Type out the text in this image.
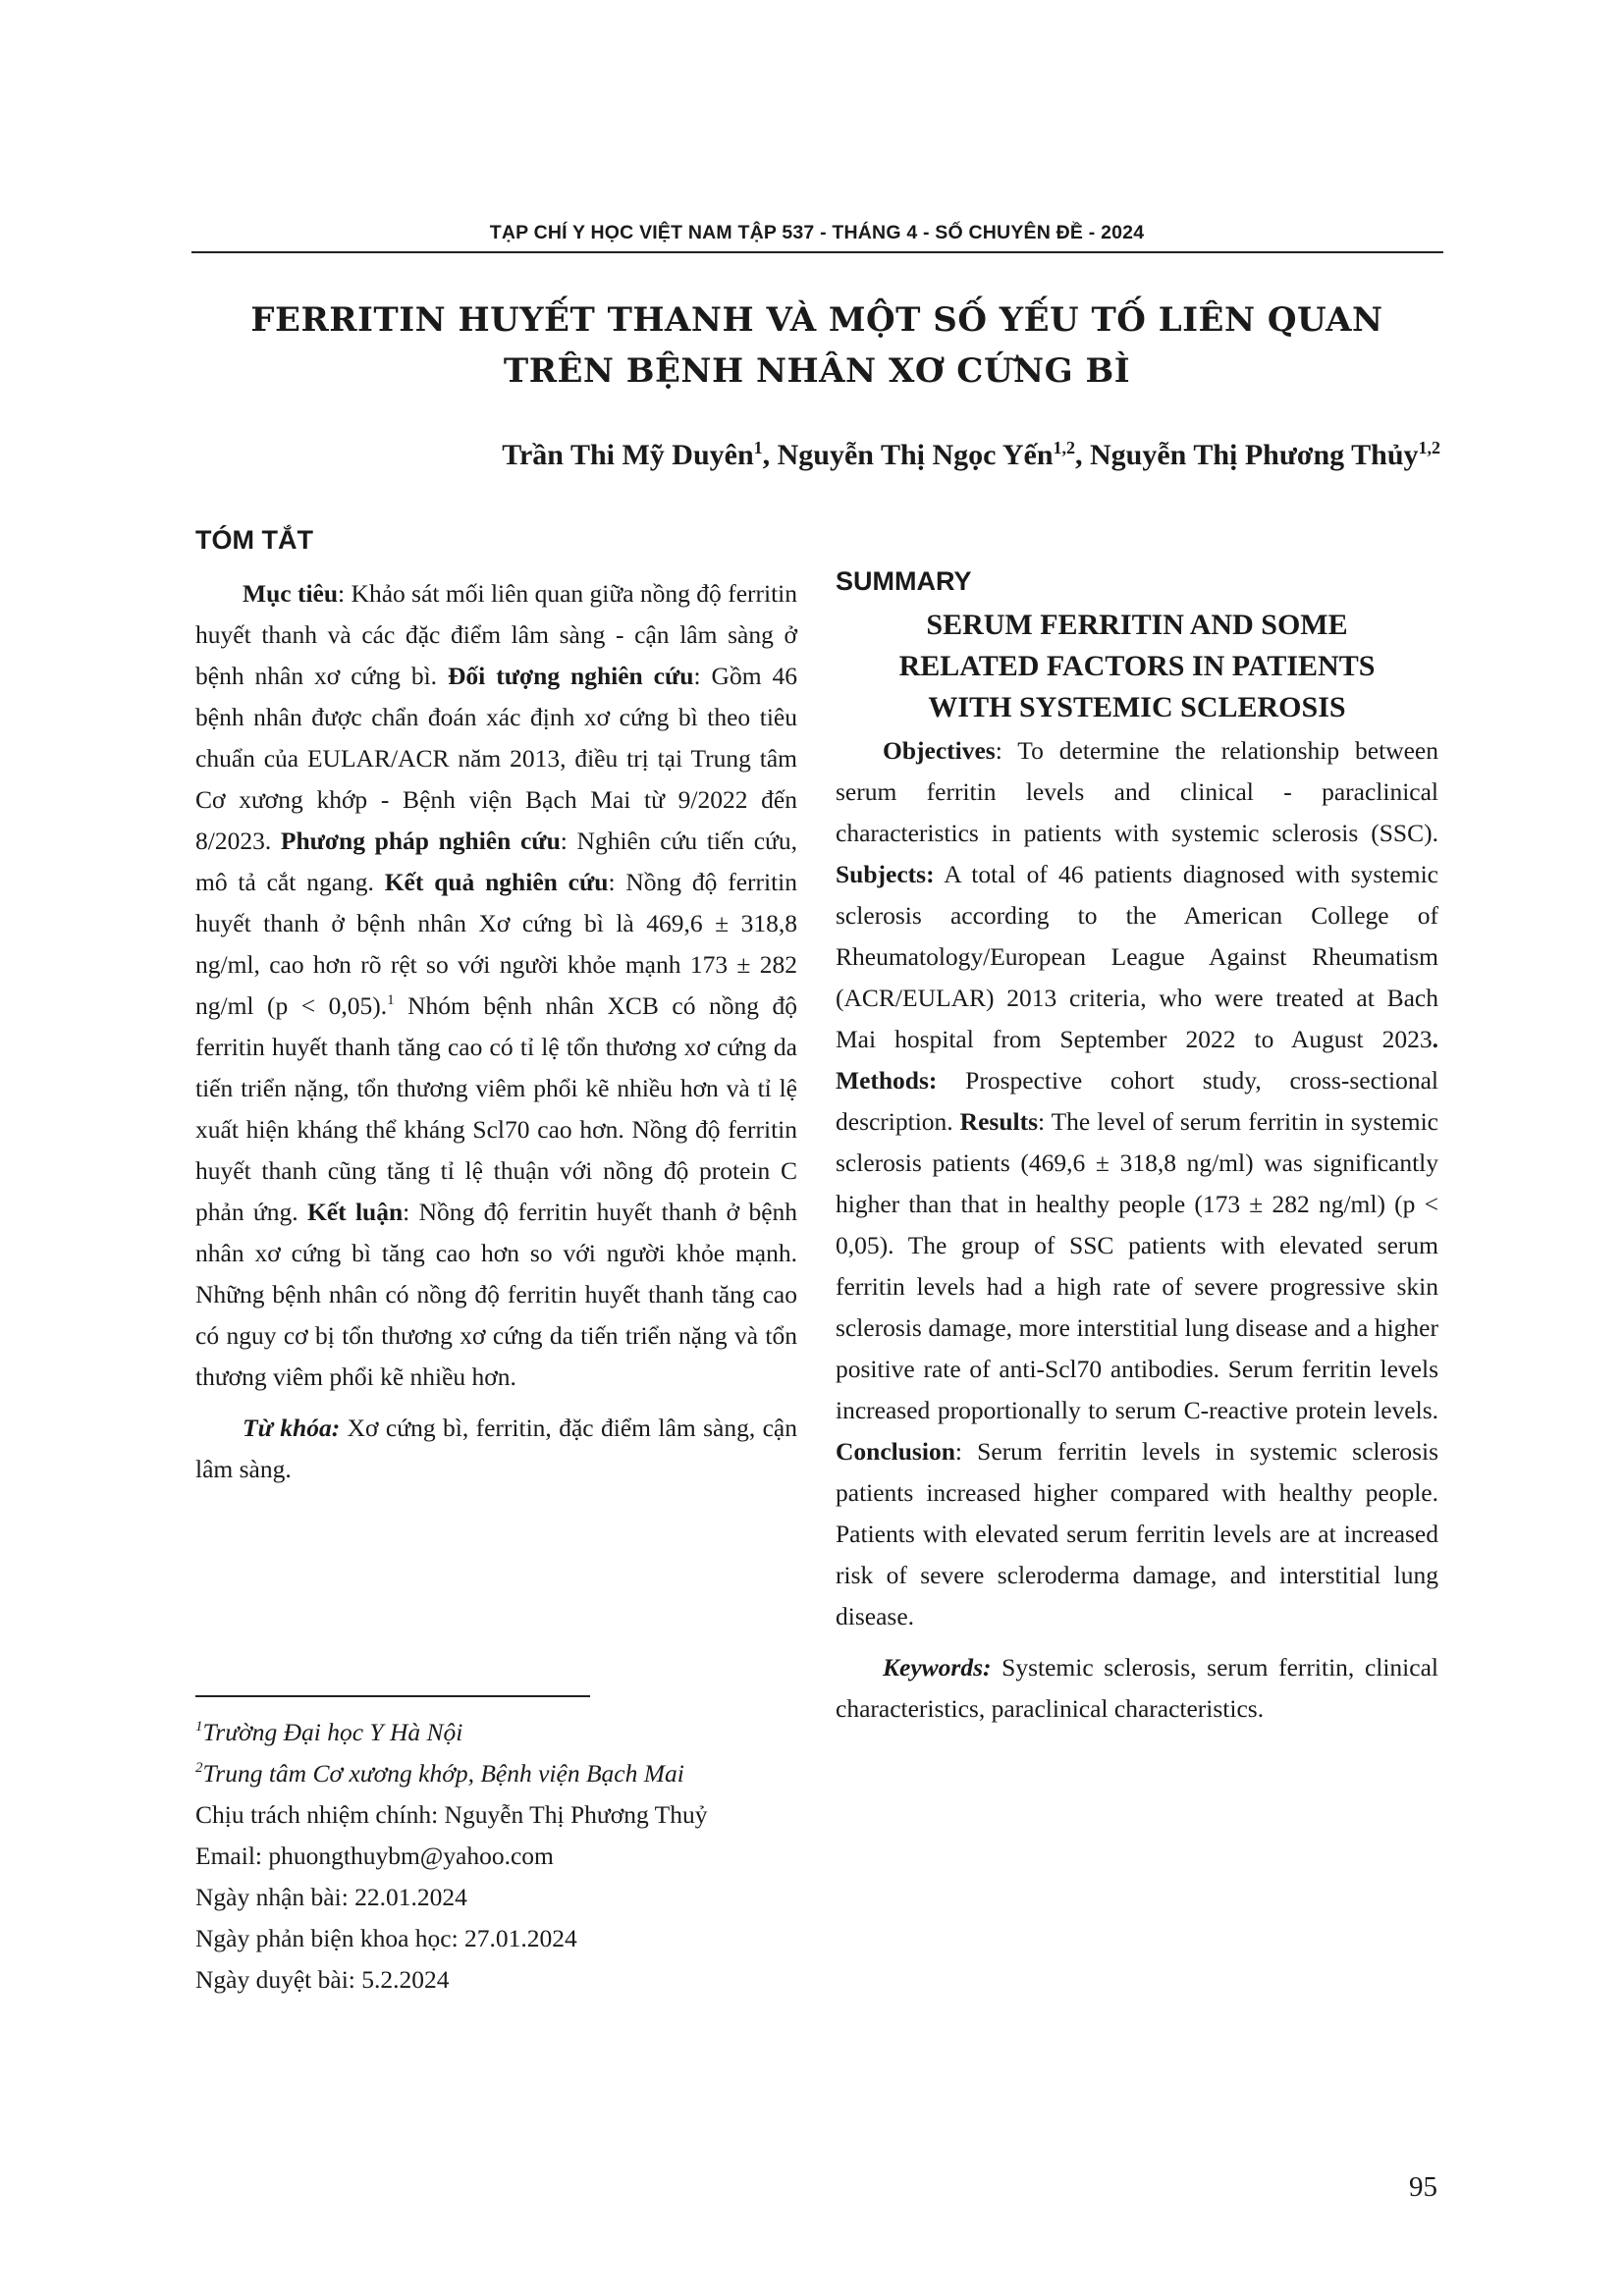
TẠP CHÍ Y HỌC VIỆT NAM TẬP 537 - THÁNG 4 - SỐ CHUYÊN ĐỀ - 2024
FERRITIN HUYẾT THANH VÀ MỘT SỐ YẾU TỐ LIÊN QUAN
TRÊN BỆNH NHÂN XƠ CỨNG BÌ
Trần Thi Mỹ Duyên$^1$, Nguyễn Thị Ngọc Yến$^{1,2}$, Nguyễn Thị Phương Thủy$^{1,2}$
TÓM TẮT

Mục tiêu: Khảo sát mối liên quan giữa nồng độ ferritin huyết thanh và các đặc điểm lâm sàng - cận lâm sàng ở bệnh nhân xơ cứng bì. Đối tượng nghiên cứu: Gồm 46 bệnh nhân được chẩn đoán xác định xơ cứng bì theo tiêu chuẩn của EULAR/ACR năm 2013, điều trị tại Trung tâm Cơ xương khớp - Bệnh viện Bạch Mai từ 9/2022 đến 8/2023. Phương pháp nghiên cứu: Nghiên cứu tiến cứu, mô tả cắt ngang. Kết quả nghiên cứu: Nồng độ ferritin huyết thanh ở bệnh nhân Xơ cứng bì là 469,6 ± 318,8 ng/ml, cao hơn rõ rệt so với người khỏe mạnh 173 ± 282 ng/ml (p < 0,05).$^1$ Nhóm bệnh nhân XCB có nồng độ ferritin huyết thanh tăng cao có tỉ lệ tổn thương xơ cứng da tiến triển nặng, tổn thương viêm phổi kẽ nhiều hơn và tỉ lệ xuất hiện kháng thể kháng Scl70 cao hơn. Nồng độ ferritin huyết thanh cũng tăng tỉ lệ thuận với nồng độ protein C phản ứng. Kết luận: Nồng độ ferritin huyết thanh ở bệnh nhân xơ cứng bì tăng cao hơn so với người khỏe mạnh. Những bệnh nhân có nồng độ ferritin huyết thanh tăng cao có nguy cơ bị tổn thương xơ cứng da tiến triển nặng và tổn thương viêm phổi kẽ nhiều hơn.

Từ khóa: Xơ cứng bì, ferritin, đặc điểm lâm sàng, cận lâm sàng.

$^1$Trường Đại học Y Hà Nội
$^2$Trung tâm Cơ xương khớp, Bệnh viện Bạch Mai
Chịu trách nhiệm chính: Nguyễn Thị Phương Thuỷ
Email: phuongthuybm@yahoo.com
Ngày nhận bài: 22.01.2024
Ngày phản biện khoa học: 27.01.2024
Ngày duyệt bài: 5.2.2024
SUMMARY
SERUM FERRITIN AND SOME
RELATED FACTORS IN PATIENTS
WITH SYSTEMIC SCLEROSIS

Objectives: To determine the relationship between serum ferritin levels and clinical - paraclinical characteristics in patients with systemic sclerosis (SSC). Subjects: A total of 46 patients diagnosed with systemic sclerosis according to the American College of Rheumatology/European League Against Rheumatism (ACR/EULAR) 2013 criteria, who were treated at Bach Mai hospital from September 2022 to August 2023. Methods: Prospective cohort study, cross-sectional description. Results: The level of serum ferritin in systemic sclerosis patients (469,6 ± 318,8 ng/ml) was significantly higher than that in healthy people (173 ± 282 ng/ml) (p < 0,05). The group of SSC patients with elevated serum ferritin levels had a high rate of severe progressive skin sclerosis damage, more interstitial lung disease and a higher positive rate of anti-Scl70 antibodies. Serum ferritin levels increased proportionally to serum C-reactive protein levels. Conclusion: Serum ferritin levels in systemic sclerosis patients increased higher compared with healthy people. Patients with elevated serum ferritin levels are at increased risk of severe scleroderma damage, and interstitial lung disease.

Keywords: Systemic sclerosis, serum ferritin, clinical characteristics, paraclinical characteristics.

95
